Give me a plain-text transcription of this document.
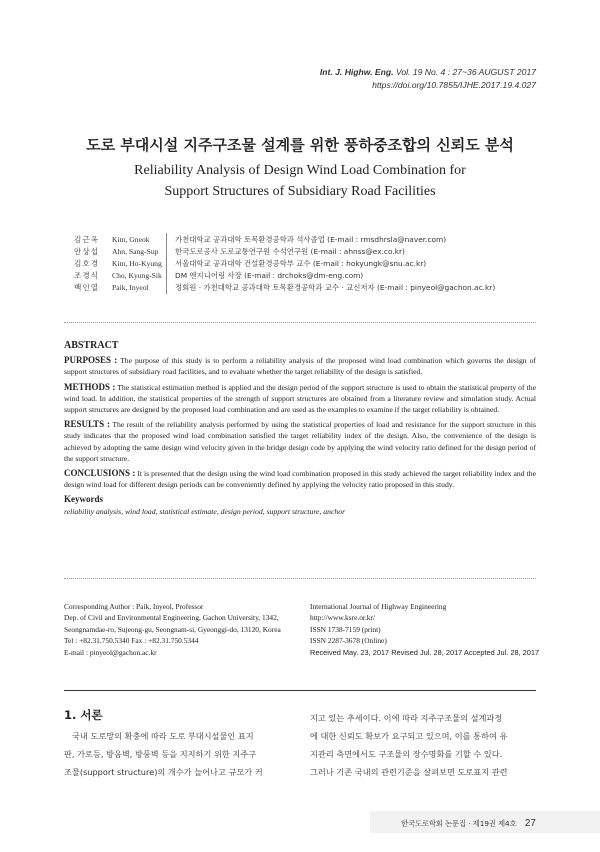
Int. J. Highw. Eng. Vol. 19 No. 4 : 27~36 AUGUST 2017
https://doi.org/10.7855/IJHE.2017.19.4.027
도로 부대시설 지주구조물 설계를 위한 풍하중조합의 신뢰도 분석
Reliability Analysis of Design Wind Load Combination for
Support Structures of Subsidiary Road Facilities
김근옥	Kim, Gneok	가천대학교 공과대학 토목환경공학과 석사졸업 (E-mail : rmsdhrsla@naver.com)
안상섭	Ahn, Sang-Sup	한국도로공사 도로교통연구원 수석연구원 (E-mail : ahnss@ex.co.kr)
김호경	Kim, Ho-Kyung	서울대학교 공과대학 건설환경공학부 교수 (E-mail : hokyungk@snu.ac.kr)
조경식	Cho, Kyung-Sik	DM 엔지니어링 사장 (E-mail : drchoks@dm-eng.com)
백인열	Paik, Inyeol	정회원 · 가천대학교 공과대학 토목환경공학과 교수 · 교신저자 (E-mail : pinyeol@gachon.ac.kr)
ABSTRACT

PURPOSES : The purpose of this study is to perform a reliability analysis of the proposed wind load combination which governs the design of support structures of subsidiary road facilities, and to evaluate whether the target reliability of the design is satisfied.

METHODS : The statistical estimation method is applied and the design period of the support structure is used to obtain the statistical property of the wind load. In addition, the statistical properties of the strength of support structures are obtained from a literature review and simulation study. Actual support structures are designed by the proposed load combination and are used as the examples to examine if the target reliability is obtained.

RESULTS : The result of the reliability analysis performed by using the statistical properties of load and resistance for the support structure in this study indicates that the proposed wind load combination satisfied the target reliability index of the design. Also, the convenience of the design is achieved by adopting the same design wind velocity given in the bridge design code by applying the wind velocity ratio defined for the design period of the support structure.

CONCLUSIONS : It is presented that the design using the wind load combination proposed in this study achieved the target reliability index and the design wind load for different design periods can be conveniently defined by applying the velocity ratio proposed in this study.

Keywords
reliability analysis, wind load, statistical estimate, design period, support structure, anchor
Corresponding Author : Paik, Inyeol, Professor
Dep. of Civil and Environmental Engineering, Gachon University, 1342,
Seongnamdae-ro, Sujeong-gu, Seongnam-si, Gyeonggi-do, 13120, Korea
Tel : +82.31.750.5340 Fax : +82.31.750.5344
E-mail : pinyeol@gachon.ac.kr
International Journal of Highway Engineering
http://www.ksre.or.kr/
ISSN 1738-7159 (print)
ISSN 2287-3678 (Online)
Received May. 23, 2017 Revised Jul. 28, 2017 Accepted Jul. 28, 2017
1. 서론
국내 도로망의 확충에 따라 도로 부대시설물인 표지
판, 가로등, 방음벽, 방풍벽 등을 지지하기 위한 지주구
조물(support structure)의 개수가 늘어나고 규모가 커
지고 있는 추세이다. 이에 따라 지주구조물의 설계과정
에 대한 신뢰도 확보가 요구되고 있으며, 이를 통하여 유
지관리 측면에서도 구조물의 장수명화를 기할 수 있다.
그러나 기존 국내의 관련기준을 살펴보면 도로표지 관련
한국도로학회 논문집 · 제19권 제4호 27
